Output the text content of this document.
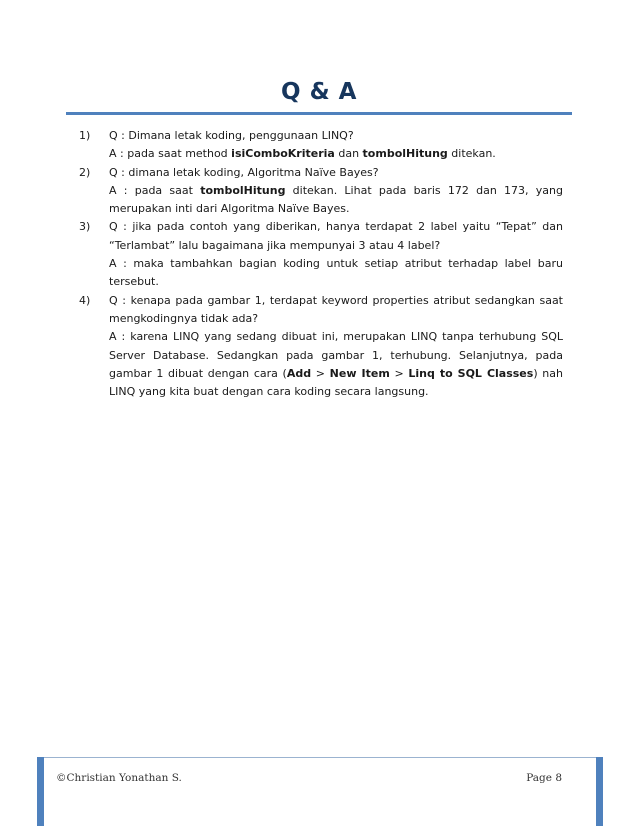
Q & A
1) Q : Dimana letak koding, penggunaan LINQ?
A : pada saat method isiComboKriteria dan tombolHitung ditekan.
2) Q : dimana letak koding, Algoritma Naïve Bayes?
A : pada saat tombolHitung ditekan. Lihat pada baris 172 dan 173, yang merupakan inti dari Algoritma Naïve Bayes.
3) Q : jika pada contoh yang diberikan, hanya terdapat 2 label yaitu “Tepat” dan “Terlambat” lalu bagaimana jika mempunyai 3 atau 4 label?
A : maka tambahkan bagian koding untuk setiap atribut terhadap label baru tersebut.
4) Q : kenapa pada gambar 1, terdapat keyword properties atribut sedangkan saat mengkodingnya tidak ada?
A : karena LINQ yang sedang dibuat ini, merupakan LINQ tanpa terhubung SQL Server Database. Sedangkan pada gambar 1, terhubung. Selanjutnya, pada gambar 1 dibuat dengan cara (Add > New Item > Linq to SQL Classes) nah LINQ yang kita buat dengan cara koding secara langsung.
©Christian Yonathan S.	Page 8
